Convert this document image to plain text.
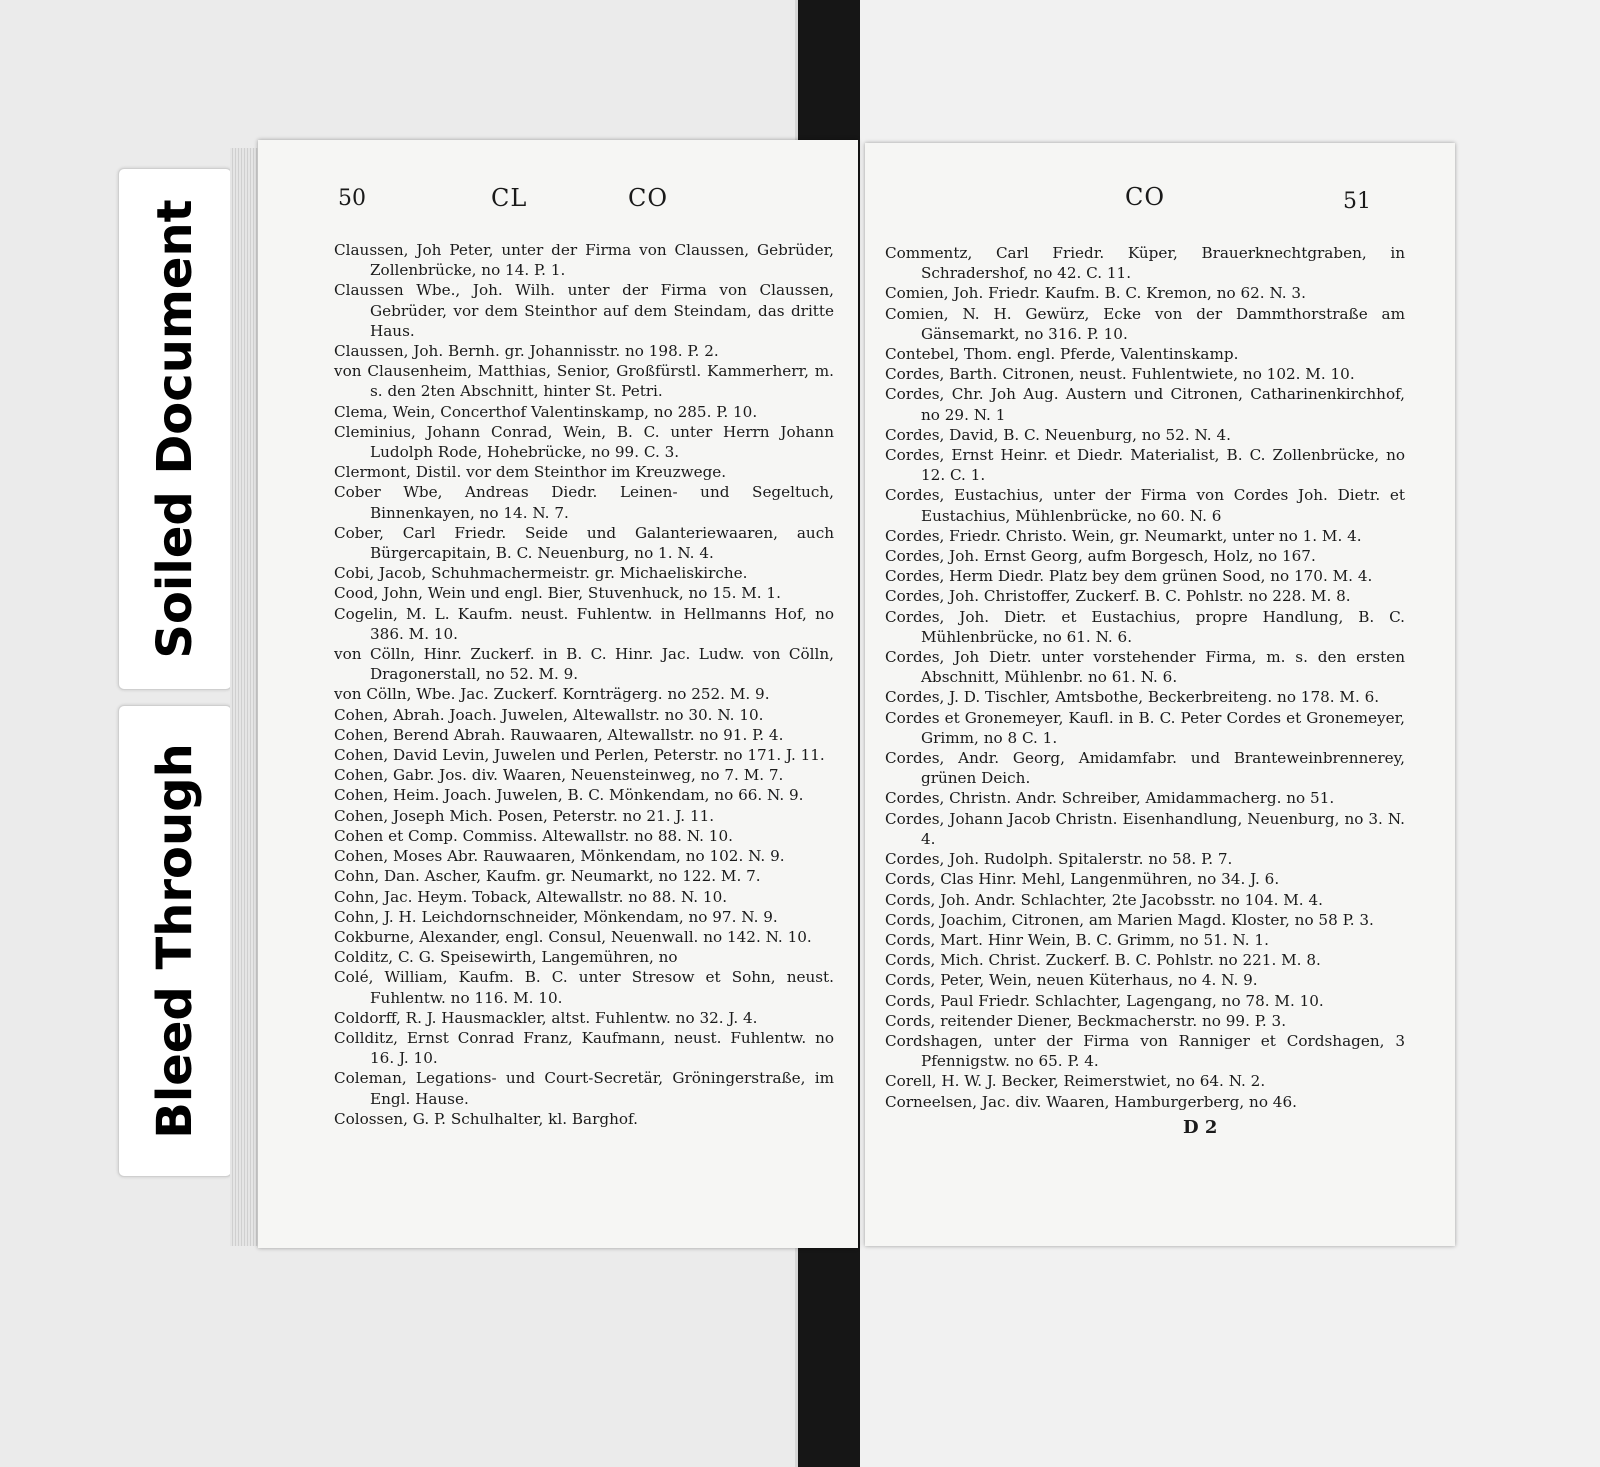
Soiled Document
Bleed Through
50	CL	CO

Claussen, Joh Peter, unter der Firma von Claussen, Gebrüder, Zollenbrücke, no 14. P. 1.

Claussen Wbe., Joh. Wilh. unter der Firma von Claussen, Gebrüder, vor dem Steinthor auf dem Steindam, das dritte Haus.

Claussen, Joh. Bernh. gr. Johannisstr. no 198. P. 2.

von Clausenheim, Matthias, Senior, Großfürstl. Kammerherr, m. s. den 2ten Abschnitt, hinter St. Petri.

Clema, Wein, Concerthof Valentinskamp, no 285. P. 10.

Cleminius, Johann Conrad, Wein, B. C. unter Herrn Johann Ludolph Rode, Hohebrücke, no 99. C. 3.

Clermont, Distil. vor dem Steinthor im Kreuzwege.

Cober Wbe, Andreas Diedr. Leinen- und Segeltuch, Binnenkayen, no 14. N. 7.

Cober, Carl Friedr. Seide und Galanteriewaaren, auch Bürgercapitain, B. C. Neuenburg, no 1. N. 4.

Cobi, Jacob, Schuhmachermeistr. gr. Michaeliskirche.

Cood, John, Wein und engl. Bier, Stuvenhuck, no 15. M. 1.

Cogelin, M. L. Kaufm. neust. Fuhlentw. in Hellmanns Hof, no 386. M. 10.

von Cölln, Hinr. Zuckerf. in B. C. Hinr. Jac. Ludw. von Cölln, Dragonerstall, no 52. M. 9.

von Cölln, Wbe. Jac. Zuckerf. Kornträgerg. no 252. M. 9.

Cohen, Abrah. Joach. Juwelen, Altewallstr. no 30. N. 10.

Cohen, Berend Abrah. Rauwaaren, Altewallstr. no 91. P. 4.

Cohen, David Levin, Juwelen und Perlen, Peterstr. no 171. J. 11.

Cohen, Gabr. Jos. div. Waaren, Neuensteinweg, no 7. M. 7.

Cohen, Heim. Joach. Juwelen, B. C. Mönkendam, no 66. N. 9.

Cohen, Joseph Mich. Posen, Peterstr. no 21. J. 11.

Cohen et Comp. Commiss. Altewallstr. no 88. N. 10.

Cohen, Moses Abr. Rauwaaren, Mönkendam, no 102. N. 9.

Cohn, Dan. Ascher, Kaufm. gr. Neumarkt, no 122. M. 7.

Cohn, Jac. Heym. Toback, Altewallstr. no 88. N. 10.

Cohn, J. H. Leichdornschneider, Mönkendam, no 97. N. 9.

Cokburne, Alexander, engl. Consul, Neuenwall. no 142. N. 10.

Colditz, C. G. Speisewirth, Langemühren, no

Colé, William, Kaufm. B. C. unter Stresow et Sohn, neust. Fuhlentw. no 116. M. 10.

Coldorff, R. J. Hausmackler, altst. Fuhlentw. no 32. J. 4.

Collditz, Ernst Conrad Franz, Kaufmann, neust. Fuhlentw. no 16. J. 10.

Coleman, Legations- und Court-Secretär, Gröningerstraße, im Engl. Hause.

Colossen, G. P. Schulhalter, kl. Barghof.

CO	51

Commentz, Carl Friedr. Küper, Brauerknechtgraben, in Schradershof, no 42. C. 11.

Comien, Joh. Friedr. Kaufm. B. C. Kremon, no 62. N. 3.

Comien, N. H. Gewürz, Ecke von der Dammthorstraße am Gänsemarkt, no 316. P. 10.

Contebel, Thom. engl. Pferde, Valentinskamp.

Cordes, Barth. Citronen, neust. Fuhlentwiete, no 102. M. 10.

Cordes, Chr. Joh Aug. Austern und Citronen, Catharinenkirchhof, no 29. N. 1

Cordes, David, B. C. Neuenburg, no 52. N. 4.

Cordes, Ernst Heinr. et Diedr. Materialist, B. C. Zollenbrücke, no 12. C. 1.

Cordes, Eustachius, unter der Firma von Cordes Joh. Dietr. et Eustachius, Mühlenbrücke, no 60. N. 6

Cordes, Friedr. Christo. Wein, gr. Neumarkt, unter no 1. M. 4.

Cordes, Joh. Ernst Georg, aufm Borgesch, Holz, no 167.

Cordes, Herm Diedr. Platz bey dem grünen Sood, no 170. M. 4.

Cordes, Joh. Christoffer, Zuckerf. B. C. Pohlstr. no 228. M. 8.

Cordes, Joh. Dietr. et Eustachius, propre Handlung, B. C. Mühlenbrücke, no 61. N. 6.

Cordes, Joh Dietr. unter vorstehender Firma, m. s. den ersten Abschnitt, Mühlenbr. no 61. N. 6.

Cordes, J. D. Tischler, Amtsbothe, Beckerbreiteng. no 178. M. 6.

Cordes et Gronemeyer, Kaufl. in B. C. Peter Cordes et Gronemeyer, Grimm, no 8 C. 1.

Cordes, Andr. Georg, Amidamfabr. und Branteweinbrennerey, grünen Deich.

Cordes, Christn. Andr. Schreiber, Amidammacherg. no 51.

Cordes, Johann Jacob Christn. Eisenhandlung, Neuenburg, no 3. N. 4.

Cordes, Joh. Rudolph. Spitalerstr. no 58. P. 7.

Cords, Clas Hinr. Mehl, Langenmühren, no 34. J. 6.

Cords, Joh. Andr. Schlachter, 2te Jacobsstr. no 104. M. 4.

Cords, Joachim, Citronen, am Marien Magd. Kloster, no 58 P. 3.

Cords, Mart. Hinr Wein, B. C. Grimm, no 51. N. 1.

Cords, Mich. Christ. Zuckerf. B. C. Pohlstr. no 221. M. 8.

Cords, Peter, Wein, neuen Küterhaus, no 4. N. 9.

Cords, Paul Friedr. Schlachter, Lagengang, no 78. M. 10.

Cords, reitender Diener, Beckmacherstr. no 99. P. 3.

Cordshagen, unter der Firma von Ranniger et Cordshagen, 3 Pfennigstw. no 65. P. 4.

Corell, H. W. J. Becker, Reimerstwiet, no 64. N. 2.

Corneelsen, Jac. div. Waaren, Hamburgerberg, no 46.

D 2
